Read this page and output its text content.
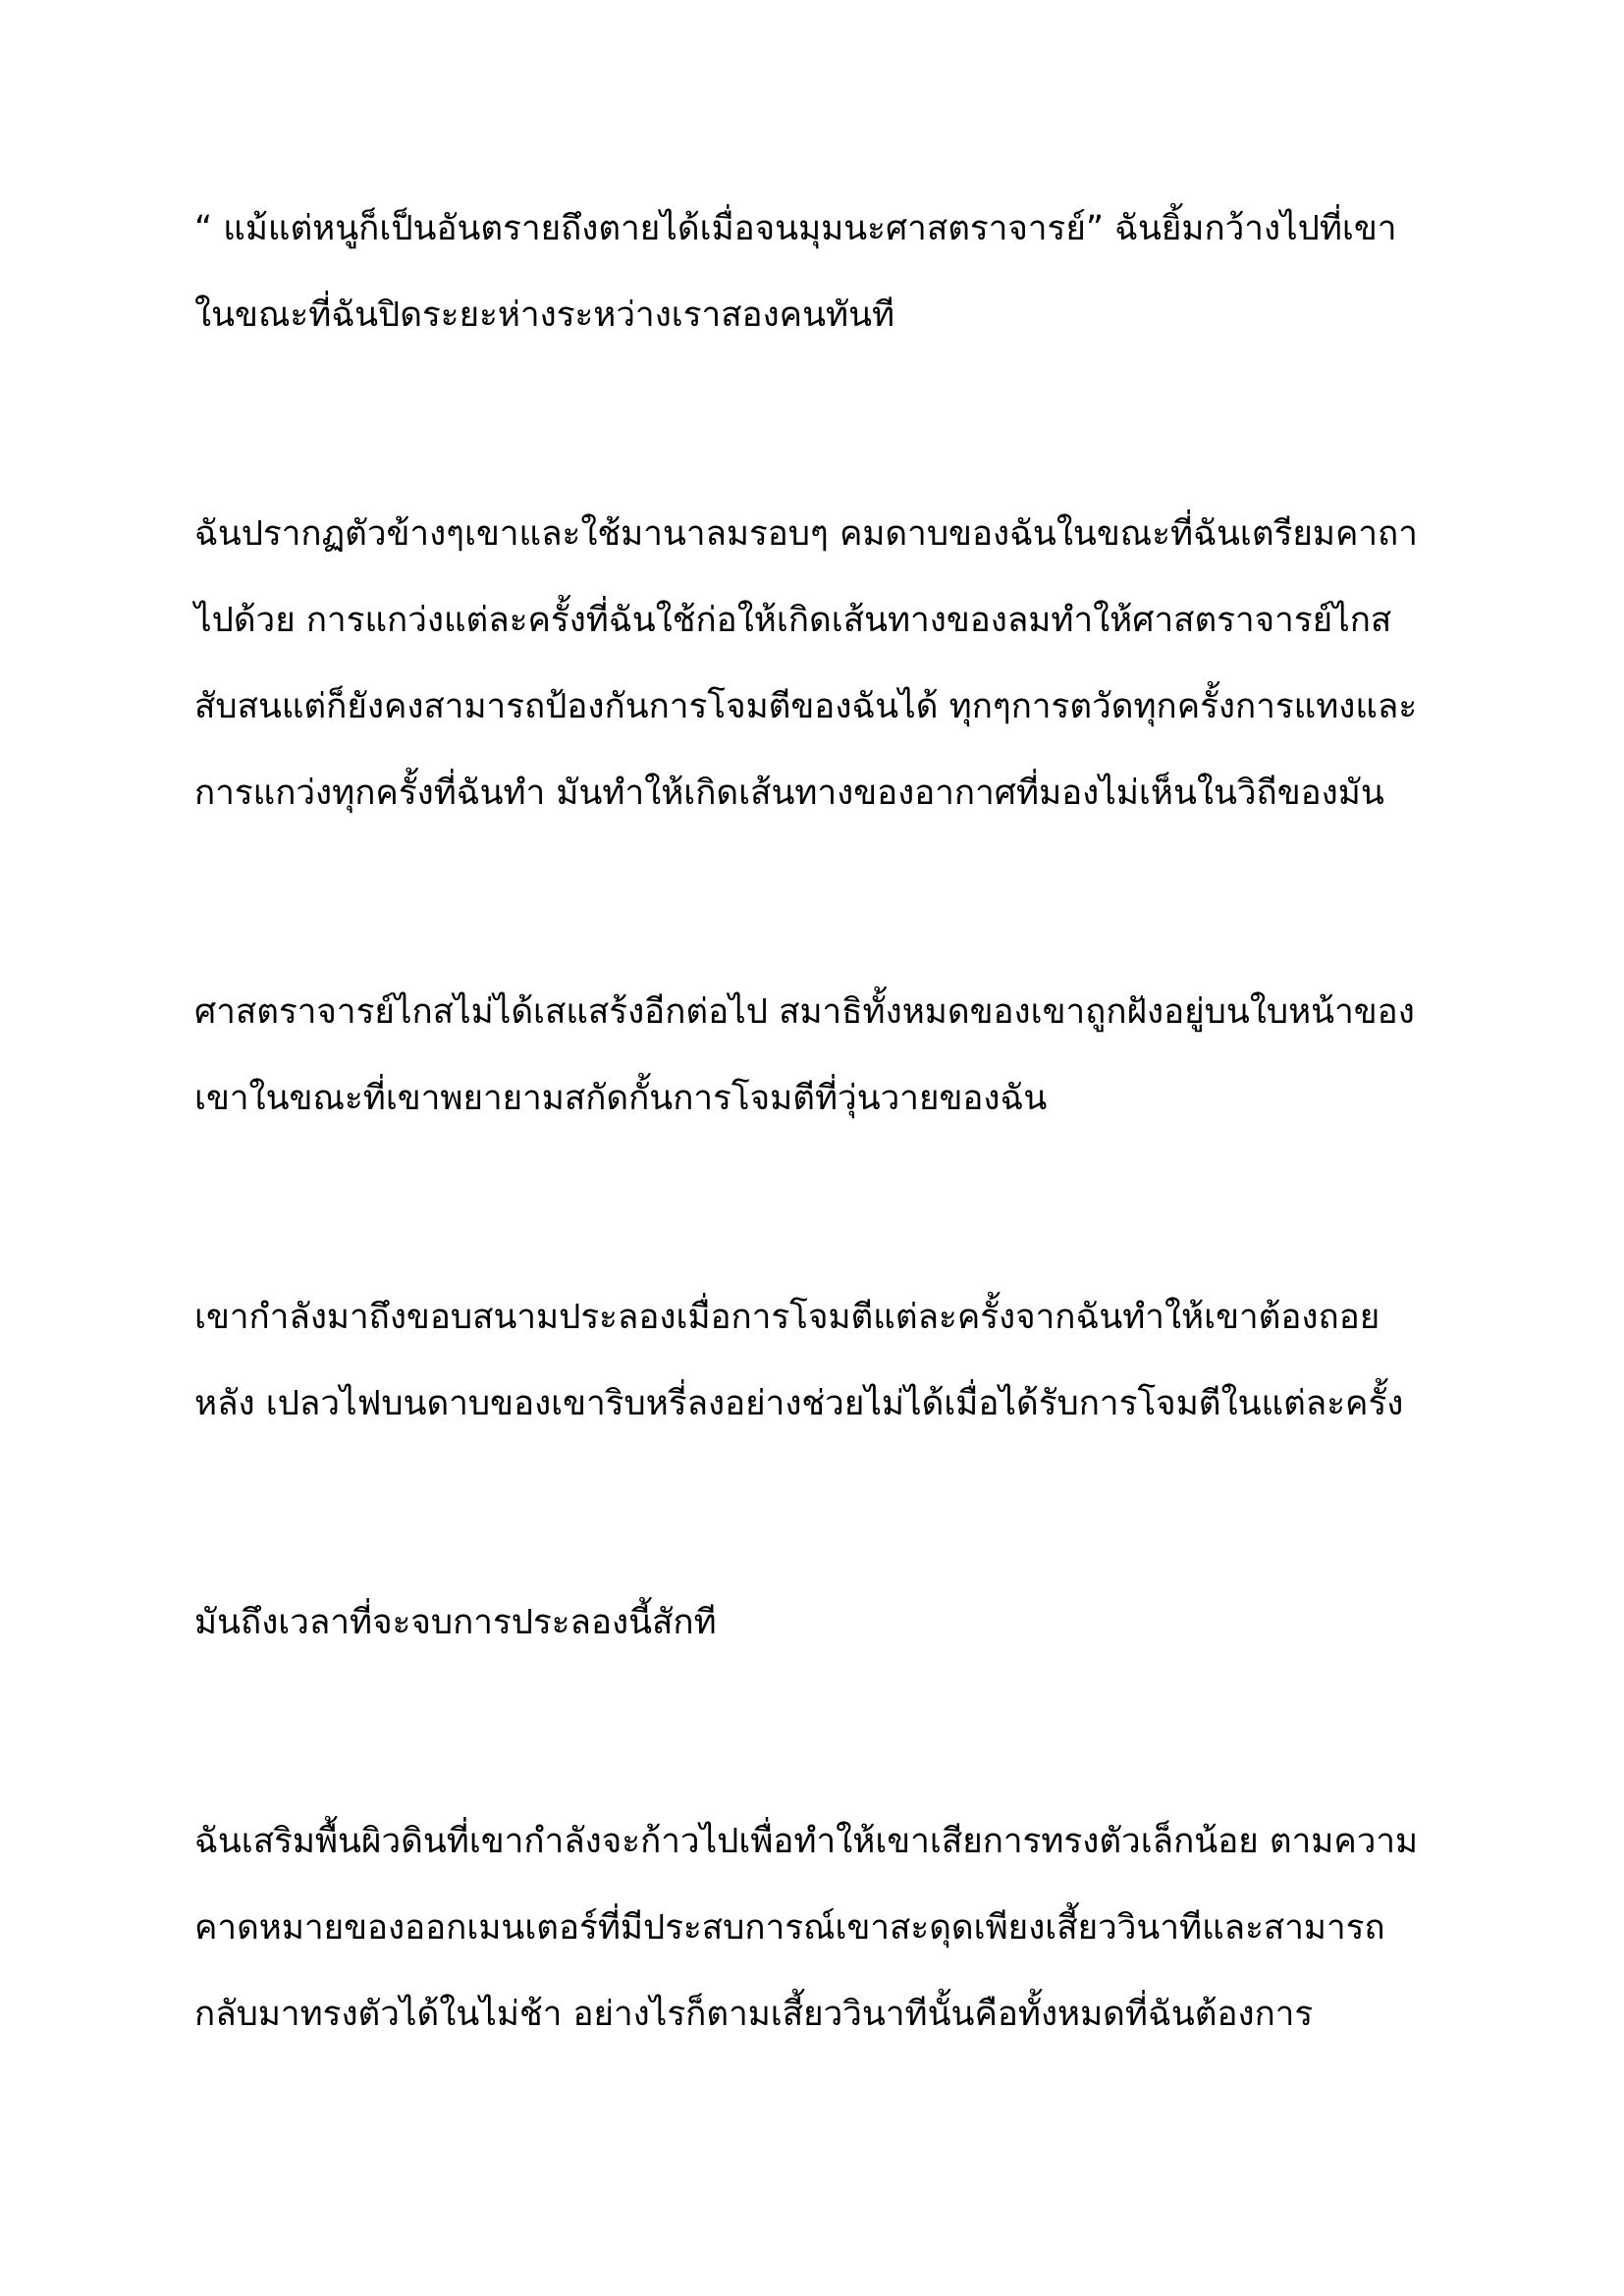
“ แม้แต่หนูก็เป็นอันตรายถึงตายได้เมื่อจนมุมนะศาสตราจารย์” ฉันยิ้มกว้างไปที่เขา
ในขณะที่ฉันปิดระยะห่างระหว่างเราสองคนทันที
ฉันปรากฏตัวข้างๆเขาและใช้มานาลมรอบๆ คมดาบของฉันในขณะที่ฉันเตรียมคาถา
ไปด้วย การแกว่งแต่ละครั้งที่ฉันใช้ก่อให้เกิดเส้นทางของลมทำให้ศาสตราจารย์ไกส
สับสนแต่ก็ยังคงสามารถป้องกันการโจมตีของฉันได้ ทุกๆการตวัดทุกครั้งการแทงและ
การแกว่งทุกครั้งที่ฉันทำ มันทำให้เกิดเส้นทางของอากาศที่มองไม่เห็นในวิถีของมัน
ศาสตราจารย์ไกสไม่ได้เสแสร้งอีกต่อไป สมาธิทั้งหมดของเขาถูกฝังอยู่บนใบหน้าของ
เขาในขณะที่เขาพยายามสกัดกั้นการโจมตีที่วุ่นวายของฉัน
เขากำลังมาถึงขอบสนามประลองเมื่อการโจมตีแต่ละครั้งจากฉันทำให้เขาต้องถอย
หลัง เปลวไฟบนดาบของเขาริบหรี่ลงอย่างช่วยไม่ได้เมื่อได้รับการโจมตีในแต่ละครั้ง
มันถึงเวลาที่จะจบการประลองนี้สักที
ฉันเสริมพื้นผิวดินที่เขากำลังจะก้าวไปเพื่อทำให้เขาเสียการทรงตัวเล็กน้อย ตามความ
คาดหมายของออกเมนเตอร์ที่มีประสบการณ์เขาสะดุดเพียงเสี้ยววินาทีและสามารถ
กลับมาทรงตัวได้ในไม่ช้า อย่างไรก็ตามเสี้ยววินาทีนั้นคือทั้งหมดที่ฉันต้องการ
